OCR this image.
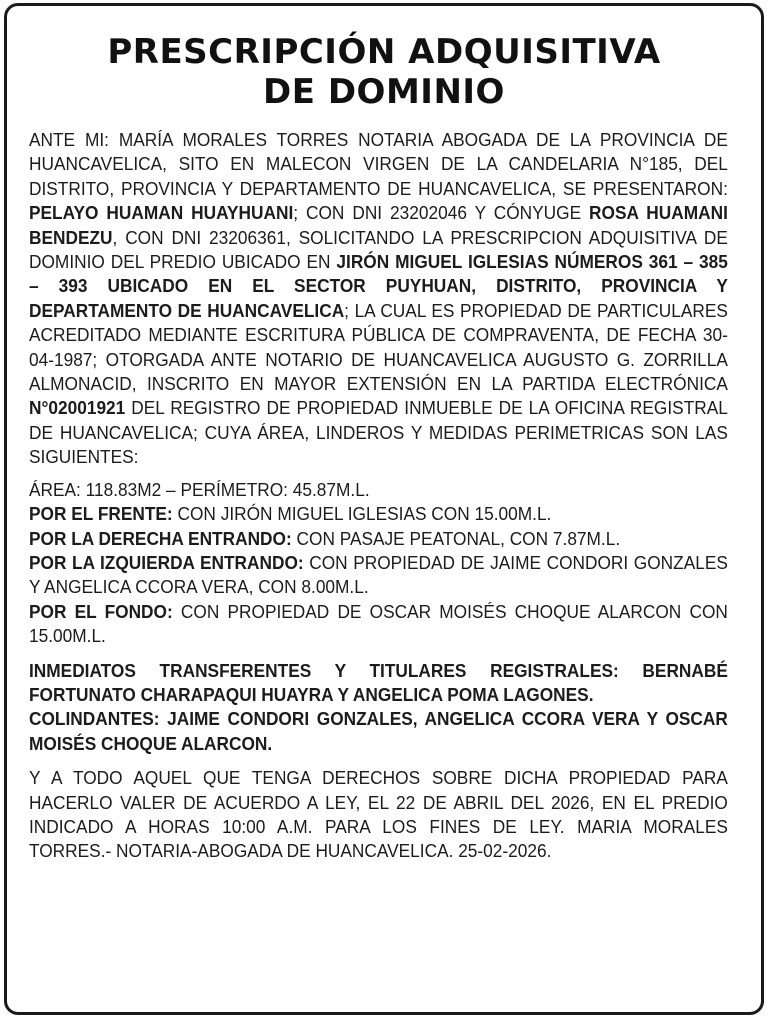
PRESCRIPCIÓN ADQUISITIVA
DE DOMINIO

ANTE MI: MARÍA MORALES TORRES NOTARIA ABOGADA DE LA PROVINCIA DE HUANCAVELICA, SITO EN MALECON VIRGEN DE LA CANDELARIA N°185, DEL DISTRITO, PROVINCIA Y DEPARTAMENTO DE HUANCAVELICA, SE PRESENTARON: PELAYO HUAMAN HUAYHUANI; CON DNI 23202046 Y CÓNYUGE ROSA HUAMANI BENDEZU, CON DNI 23206361, SOLICITANDO LA PRESCRIPCION ADQUISITIVA DE DOMINIO DEL PREDIO UBICADO EN JIRÓN MIGUEL IGLESIAS NÚMEROS 361 – 385 – 393 UBICADO EN EL SECTOR PUYHUAN, DISTRITO, PROVINCIA Y DEPARTAMENTO DE HUANCAVELICA; LA CUAL ES PROPIEDAD DE PARTICULARES ACREDITADO MEDIANTE ESCRITURA PÚBLICA DE COMPRAVENTA, DE FECHA 30-04-1987; OTORGADA ANTE NOTARIO DE HUANCAVELICA AUGUSTO G. ZORRILLA ALMONACID, INSCRITO EN MAYOR EXTENSIÓN EN LA PARTIDA ELECTRÓNICA N°02001921 DEL REGISTRO DE PROPIEDAD INMUEBLE DE LA OFICINA REGISTRAL DE HUANCAVELICA; CUYA ÁREA, LINDEROS Y MEDIDAS PERIMETRICAS SON LAS SIGUIENTES:

ÁREA: 118.83M2 – PERÍMETRO: 45.87M.L.

POR EL FRENTE: CON JIRÓN MIGUEL IGLESIAS CON 15.00M.L.

POR LA DERECHA ENTRANDO: CON PASAJE PEATONAL, CON 7.87M.L.

POR LA IZQUIERDA ENTRANDO: CON PROPIEDAD DE JAIME CONDORI GONZALES Y ANGELICA CCORA VERA, CON 8.00M.L.

POR EL FONDO: CON PROPIEDAD DE OSCAR MOISÉS CHOQUE ALARCON CON 15.00M.L.

INMEDIATOS TRANSFERENTES Y TITULARES REGISTRALES: BERNABÉ FORTUNATO CHARAPAQUI HUAYRA Y ANGELICA POMA LAGONES.

COLINDANTES: JAIME CONDORI GONZALES, ANGELICA CCORA VERA Y OSCAR MOISÉS CHOQUE ALARCON.

Y A TODO AQUEL QUE TENGA DERECHOS SOBRE DICHA PROPIEDAD PARA HACERLO VALER DE ACUERDO A LEY, EL 22 DE ABRIL DEL 2026, EN EL PREDIO INDICADO A HORAS 10:00 A.M. PARA LOS FINES DE LEY. MARIA MORALES TORRES.- NOTARIA-ABOGADA DE HUANCAVELICA. 25-02-2026.
